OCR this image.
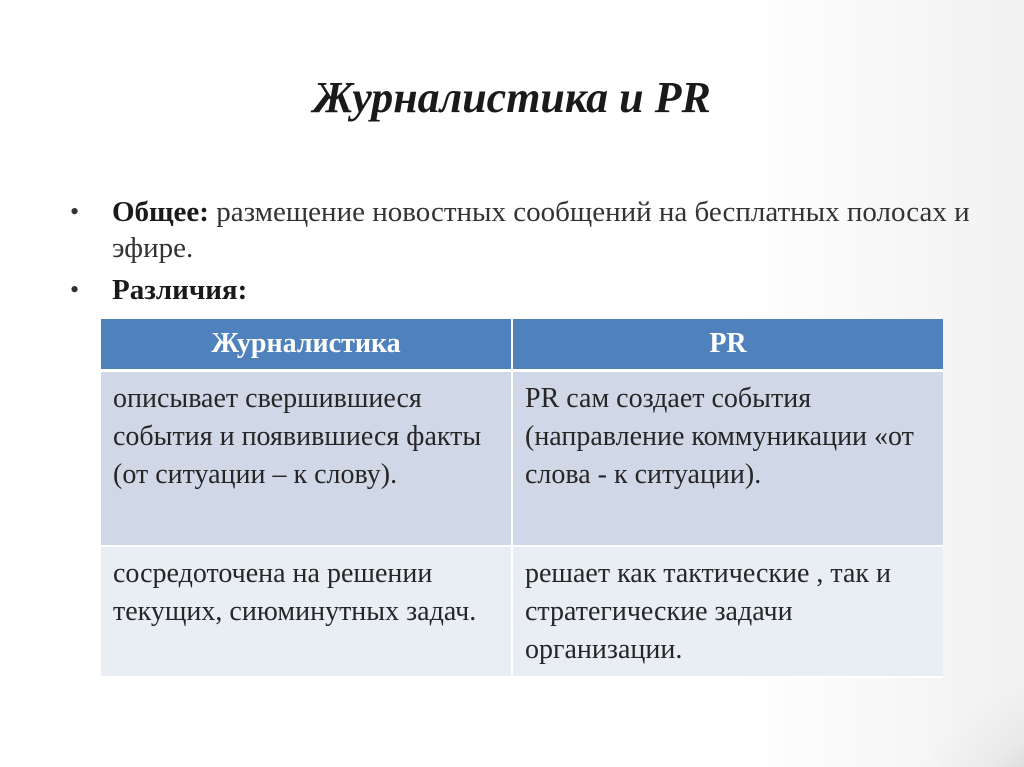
Журналистика и PR
• Общее: размещение новостных сообщений на бесплатных полосах и эфире.
• Различия:
Журналистика	PR
описывает свершившиеся события и появившиеся факты (от ситуации – к слову).	PR сам создает события (направление коммуникации «от слова - к ситуации).
сосредоточена на решении текущих, сиюминутных задач.	решает как тактические , так и стратегические задачи организации.
